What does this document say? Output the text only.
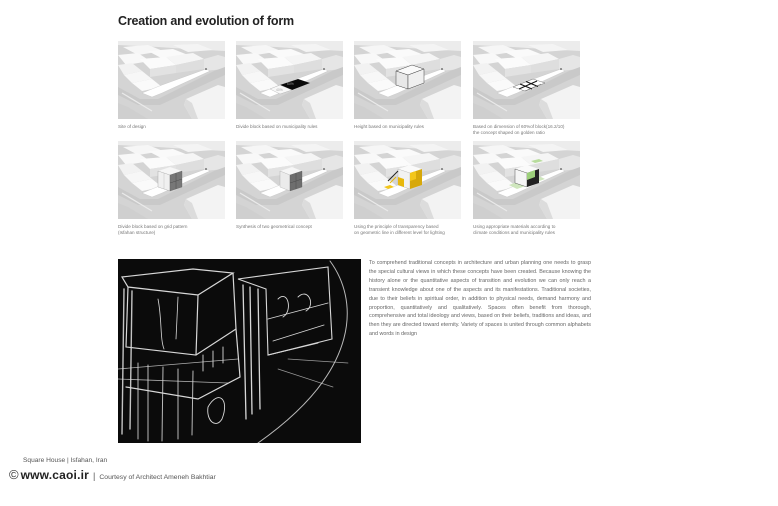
Creation and evolution of form
Site of design
60%
40%
Divide block based on municipality rules	Height based on municipality rules	Based on dimension of 60%of block(16.2/10)
the concept shaped on golden ratio
Divide block based on grid pattern
(Isfahan structure)
Synthesis of two geometrical concept	Using the principle of transparency based
on geometric line in different level for lighting
Using appropriate materials according to
climate conditions and municipality rules
To comprehend traditional concepts in architecture and urban planning one needs to grasp the special cultural views in which these concepts have been created. Because knowing the history alone or the quantitative aspects of transition and evolution we can only reach a transient knowledge about one of the aspects and its manifestations. Traditional societies, due to their beliefs in spiritual order, in addition to physical needs, demand harmony and proportion, quantitatively and qualitatively. Spaces often benefit from thorough, comprehensive and total ideology and views, based on their beliefs, traditions and ideas, and then they are directed toward eternity. Variety of spaces is united through common alphabets and words in design
Square House | Isfahan, Iran
© www.caoi.ir | Courtesy of Architect Ameneh Bakhtiar
